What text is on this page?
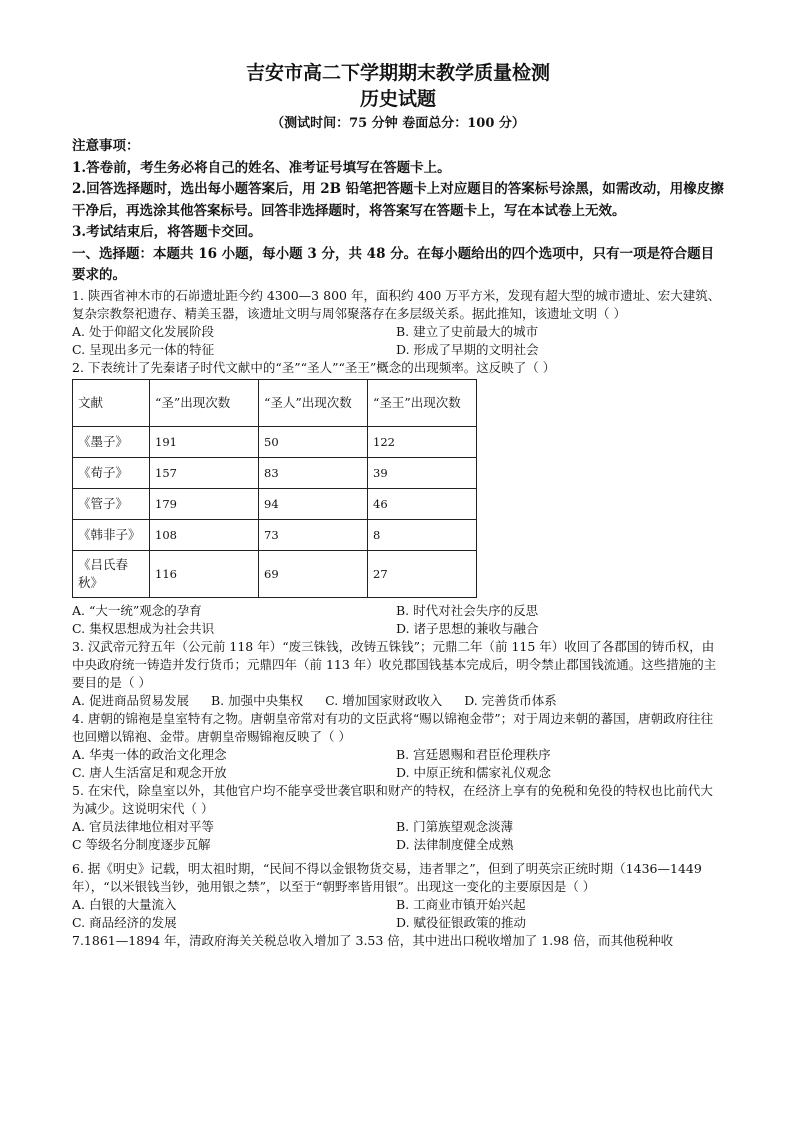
吉安市高二下学期期末教学质量检测

历史试题

（测试时间：75 分钟 卷面总分：100 分）

注意事项：

1.答卷前，考生务必将自己的姓名、准考证号填写在答题卡上。

2.回答选择题时，选出每小题答案后，用 2B 铅笔把答题卡上对应题目的答案标号涂黑，如需改动，用橡皮擦干净后，再选涂其他答案标号。回答非选择题时，将答案写在答题卡上，写在本试卷上无效。

3.考试结束后，将答题卡交回。

一、选择题：本题共 16 小题，每小题 3 分，共 48 分。在每小题给出的四个选项中，只有一项是符合题目要求的。

1. 陕西省神木市的石峁遗址距今约 4300—3 800 年，面积约 400 万平方米，发现有超大型的城市遗址、宏大建筑、复杂宗教祭祀遗存、精美玉器，该遗址文明与周邻聚落存在多层级关系。据此推知，该遗址文明（ ）

A. 处于仰韶文化发展阶段	B. 建立了史前最大的城市
C. 呈现出多元一体的特征	D. 形成了早期的文明社会

2. 下表统计了先秦诸子时代文献中的“圣”“圣人”“圣王”概念的出现频率。这反映了（ ）

文献	“圣”出现次数	“圣人”出现次数	“圣王”出现次数
《墨子》	191	50	122
《荀子》	157	83	39
《管子》	179	94	46
《韩非子》	108	73	8
《吕氏春秋》	116	69	27
A. “大一统”观念的孕育	B. 时代对社会失序的反思
C. 集权思想成为社会共识	D. 诸子思想的兼收与融合

3. 汉武帝元狩五年（公元前 118 年）“废三铢钱，改铸五铢钱”；元鼎二年（前 115 年）收回了各郡国的铸币权，由中央政府统一铸造并发行货币；元鼎四年（前 113 年）收兑郡国钱基本完成后，明令禁止郡国钱流通。这些措施的主要目的是（ ）

A. 促进商品贸易发展 B. 加强中央集权 C. 增加国家财政收入 D. 完善货币体系

4. 唐朝的锦袍是皇室特有之物。唐朝皇帝常对有功的文臣武将“赐以锦袍金带”；对于周边来朝的蕃国，唐朝政府往往也回赠以锦袍、金带。唐朝皇帝赐锦袍反映了（ ）

A. 华夷一体的政治文化理念	B. 宫廷恩赐和君臣伦理秩序
C. 唐人生活富足和观念开放	D. 中原正统和儒家礼仪观念

5. 在宋代，除皇室以外，其他官户均不能享受世袭官职和财产的特权，在经济上享有的免税和免役的特权也比前代大为减少。这说明宋代（ ）

A. 官员法律地位相对平等	B. 门第族望观念淡薄
C 等级名分制度逐步瓦解	D. 法律制度健全成熟

6. 据《明史》记载，明太祖时期，“民间不得以金银物货交易，违者罪之”，但到了明英宗正统时期（1436—1449 年），“以米银钱当钞，弛用银之禁”，以至于“朝野率皆用银”。出现这一变化的主要原因是（ ）

A. 白银的大量流入	B. 工商业市镇开始兴起
C. 商品经济的发展	D. 赋役征银政策的推动

7.1861—1894 年，清政府海关关税总收入增加了 3.53 倍，其中进出口税收增加了 1.98 倍，而其他税种收
